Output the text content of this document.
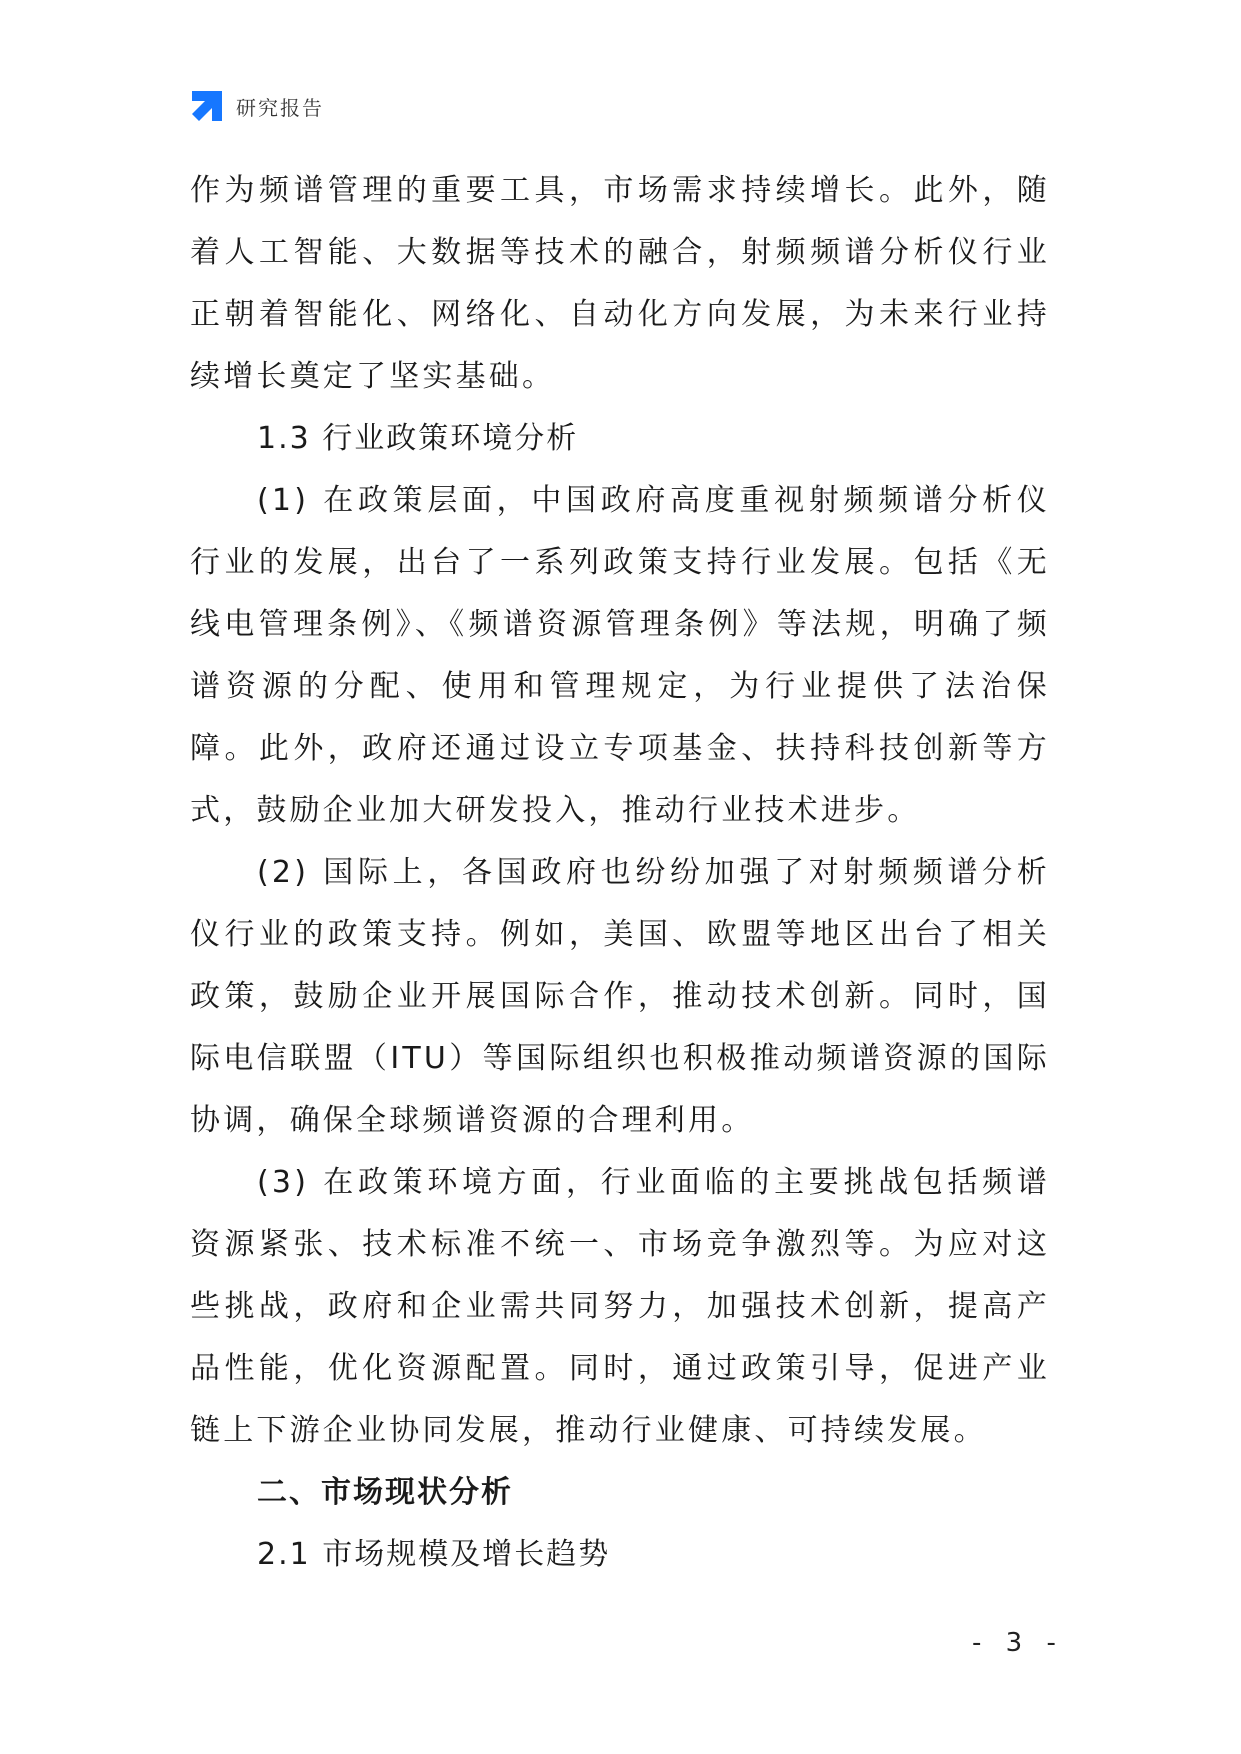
研究报告

作为频谱管理的重要工具，市场需求持续增长。此外，随着人工智能、大数据等技术的融合，射频频谱分析仪行业正朝着智能化、网络化、自动化方向发展，为未来行业持续增长奠定了坚实基础。

1.3 行业政策环境分析

(1) 在政策层面，中国政府高度重视射频频谱分析仪行业的发展，出台了一系列政策支持行业发展。包括《无线电管理条例》、《频谱资源管理条例》等法规，明确了频谱资源的分配、使用和管理规定，为行业提供了法治保障。此外，政府还通过设立专项基金、扶持科技创新等方式，鼓励企业加大研发投入，推动行业技术进步。

(2) 国际上，各国政府也纷纷加强了对射频频谱分析仪行业的政策支持。例如，美国、欧盟等地区出台了相关政策，鼓励企业开展国际合作，推动技术创新。同时，国际电信联盟（ITU）等国际组织也积极推动频谱资源的国际协调，确保全球频谱资源的合理利用。

(3) 在政策环境方面，行业面临的主要挑战包括频谱资源紧张、技术标准不统一、市场竞争激烈等。为应对这些挑战，政府和企业需共同努力，加强技术创新，提高产品性能，优化资源配置。同时，通过政策引导，促进产业链上下游企业协同发展，推动行业健康、可持续发展。

二、市场现状分析

2.1 市场规模及增长趋势

- 3 -
